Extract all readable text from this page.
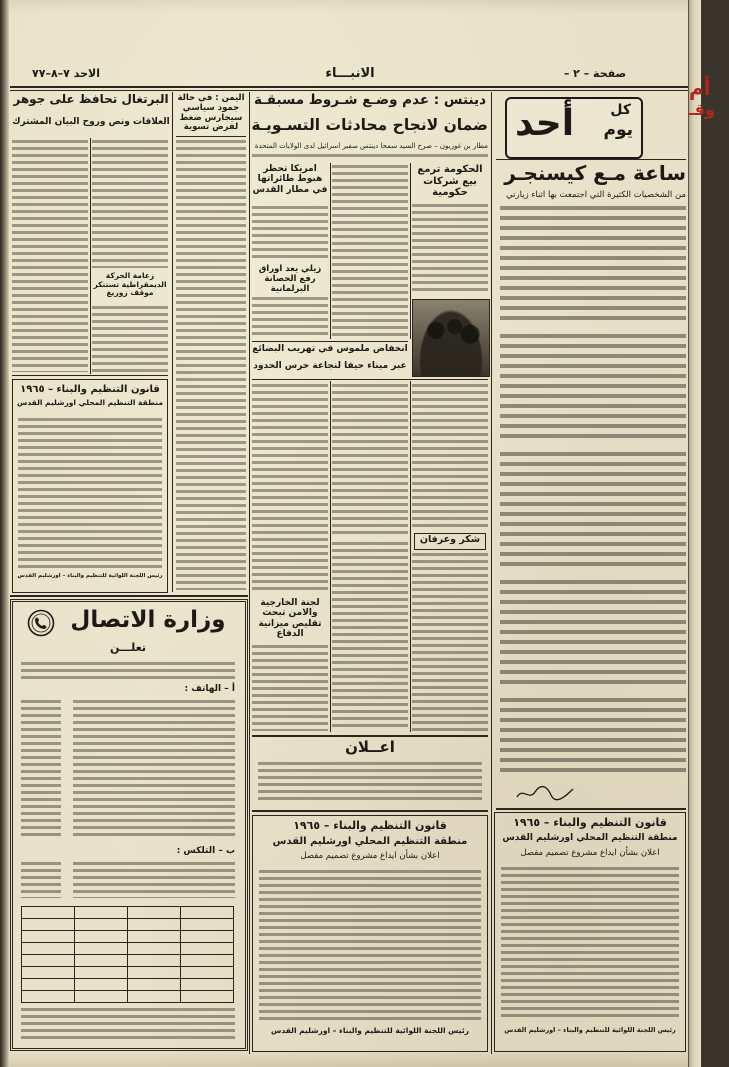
أم
وقـ
صفحة – ٢ –
الانبـــاء
الاحد ٧–٨–٧٧
كل
يوم
أحد
ساعة مـع كيسنجـر
من الشخصيات الكثيرة التي اجتمعت بها اثناء زيارتي
قانون التنظيم والبناء – ١٩٦٥
منطقة التنظيم المحلي اورشليم القدس
اعلان بشأن ايداع مشروع تصميم مفصل
رئيس اللجنة اللوائية للتنظيم والبناء – اورشليم القدس
دينتس : عدم وضـع شـروط مسبقـة
ضمان لانجاح محادثات التسـويـة
مطار بن غوريون – صرح السيد سمحا دينتس سفير اسرائيل لدى الولايات المتحدة
الحكومة ترمع بيع شركات حكومية
امريكا تحظر هبوط طائراتها في مطار القدس
زيلي يعد اوراق رفع الحصانة البرلمانية
انخفاض ملموس في تهريب البضائع
عبر ميناء حيفا لنجاعة حرس الحدود
شكر وعرفان
لجنة الخارجية والامن تبحث تقليص ميزانية الدفاع
اعــلان
قانون التنظيم والبناء – ١٩٦٥
منطقة التنظيم المحلي اورشليم القدس
اعلان بشأن ايداع مشروع تصميم مفصل
رئيس اللجنة اللوائية للتنظيم والبناء – اورشليم القدس
البرتغال تحافظ على جوهر
العلاقات ونص وروح البيان المشترك
زعامة الحركة الديمقراطية تستنكر موقف زوريغ
اليمن : في حالة جمود سياسي سيجارس ضغط لفرض تسوية
قانون التنظيم والبناء – ١٩٦٥
منطقة التنظيم المحلي اورشليم القدس
رئيس اللجنة اللوائية للتنظيم والبناء – اورشليم القدس
وزارة الاتصال
تعلـــن
أ – الهاتف :
ب – التلكس :
